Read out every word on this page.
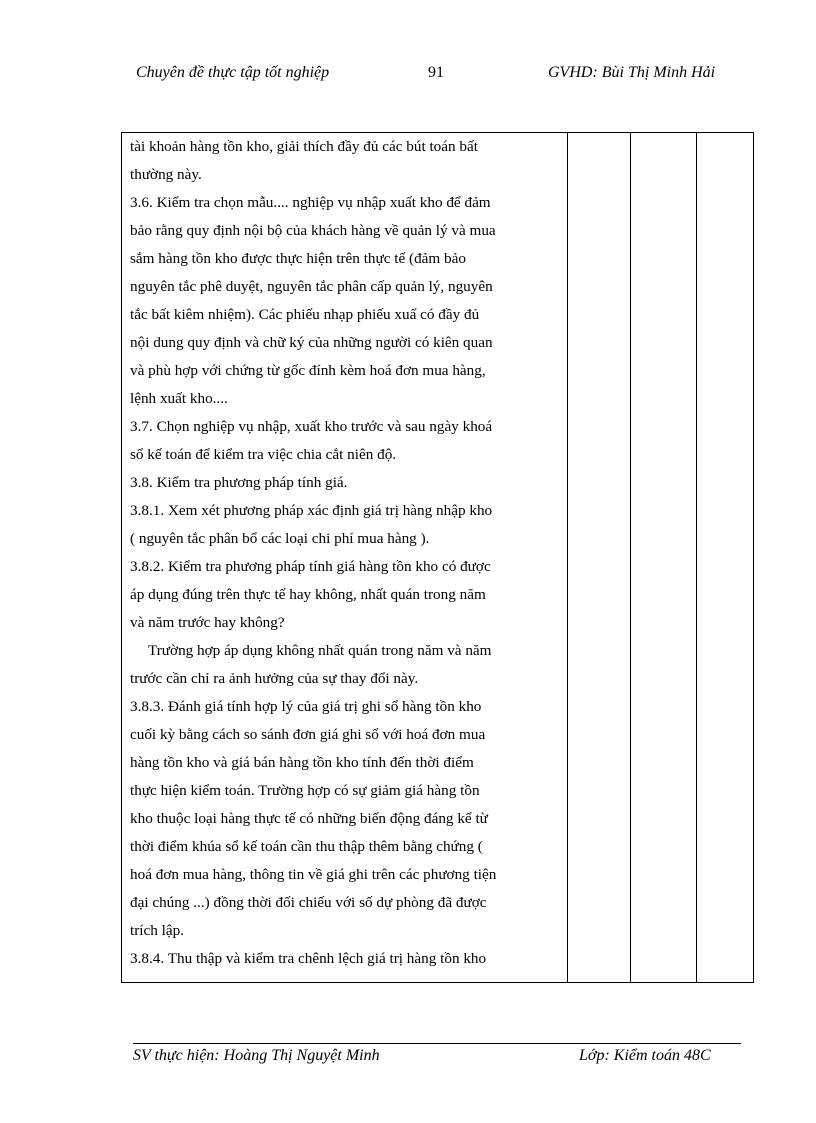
Chuyên đề thực tập tốt nghiệp	91	GVHD: Bùi Thị Minh Hải

tài khoản hàng tồn kho, giải thích đầy đủ các bút toán bất

thường này.

3.6. Kiểm tra chọn mẫu.... nghiệp vụ nhập xuất kho để đảm

bảo rằng quy định nội bộ của khách hàng về quản lý và mua

sắm hàng tồn kho được thực hiện trên thực tế (đảm bảo

nguyên tắc phê duyệt, nguyên tắc phân cấp quản lý, nguyên

tắc bất kiêm nhiệm). Các phiếu nhạp phiếu xuấ có đầy đủ

nội dung quy định và chữ ký của những người có kiên quan

và phù hợp với chứng từ gốc đính kèm hoá đơn mua hàng,

lệnh xuất kho....

3.7. Chọn nghiệp vụ nhập, xuất kho trước và sau ngày khoá

sổ kế toán để kiểm tra việc chia cắt niên độ.

3.8. Kiểm tra phương pháp tính giá.

3.8.1. Xem xét phương pháp xác định giá trị hàng nhập kho

( nguyên tắc phân bổ các loại chi phí mua hàng ).

3.8.2. Kiểm tra phương pháp tính giá hàng tồn kho có được

áp dụng đúng trên thực tế hay không, nhất quán trong năm

và năm trước hay không?

Trường hợp áp dụng không nhất quán trong năm và năm

trước cần chỉ ra ảnh hưởng của sự thay đổi này.

3.8.3. Đánh giá tính hợp lý của giá trị ghi sổ hàng tồn kho

cuối kỳ bằng cách so sánh đơn giá ghi sổ với hoá đơn mua

hàng tồn kho và giá bán hàng tồn kho tính đến thời điểm

thực hiện kiểm toán. Trường hợp có sự giảm giá hàng tồn

kho thuộc loại hàng thực tế có những biến động đáng kể từ

thời điểm khúa sổ kế toán cần thu thập thêm bằng chứng (

hoá đơn mua hàng, thông tin về giá ghi trên các phương tiện

đại chúng ...) đồng thời đối chiếu với số dự phòng đã được

trích lập.

3.8.4. Thu thập và kiểm tra chênh lệch giá trị hàng tồn kho

SV thực hiện: Hoàng Thị Nguyệt Minh	Lớp: Kiểm toán 48C
